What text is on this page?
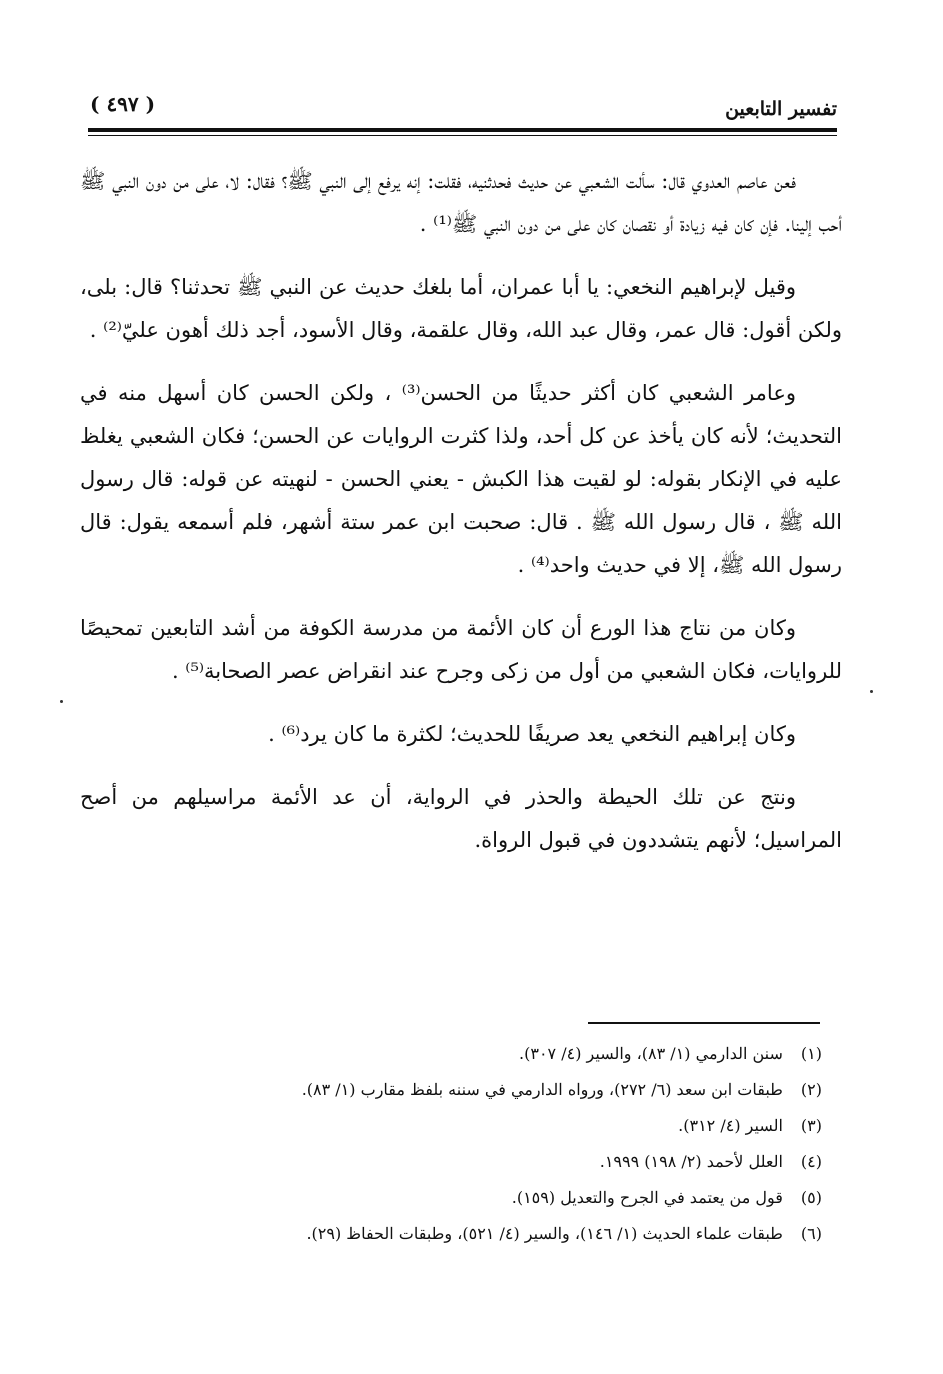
تفسير التابعين
( ٤٩٧ )

فعن عاصم العدوي قال: سألت الشعبي عن حديث فحدثنيه، فقلت: إنه يرفع إلى النبي ﷺ؟ فقال: لا، على من دون النبي ﷺ أحب إلينا. فإن كان فيه زيادة أو نقصان كان على من دون النبي ﷺ⁽¹⁾ .

وقيل لإبراهيم النخعي: يا أبا عمران، أما بلغك حديث عن النبي ﷺ تحدثنا؟ قال: بلى، ولكن أقول: قال عمر، وقال عبد الله، وقال علقمة، وقال الأسود، أجد ذلك أهون عليّ⁽²⁾ .

وعامر الشعبي كان أكثر حديثًا من الحسن⁽³⁾ ، ولكن الحسن كان أسهل منه في التحديث؛ لأنه كان يأخذ عن كل أحد، ولذا كثرت الروايات عن الحسن؛ فكان الشعبي يغلظ عليه في الإنكار بقوله: لو لقيت هذا الكبش - يعني الحسن - لنهيته عن قوله: قال رسول الله ﷺ ، قال رسول الله ﷺ . قال: صحبت ابن عمر ستة أشهر، فلم أسمعه يقول: قال رسول الله ﷺ، إلا في حديث واحد⁽⁴⁾ .

وكان من نتاج هذا الورع أن كان الأئمة من مدرسة الكوفة من أشد التابعين تمحيصًا للروايات، فكان الشعبي من أول من زكى وجرح عند انقراض عصر الصحابة⁽⁵⁾ .

وكان إبراهيم النخعي يعد صريفًا للحديث؛ لكثرة ما كان يرد⁽⁶⁾ .

ونتج عن تلك الحيطة والحذر في الرواية، أن عد الأئمة مراسيلهم من أصح المراسيل؛ لأنهم يتشددون في قبول الرواة.

(١) سنن الدارمي (١/ ٨٣)، والسير (٤/ ٣٠٧).
(٢) طبقات ابن سعد (٦/ ٢٧٢)، ورواه الدارمي في سننه بلفظ مقارب (١/ ٨٣).
(٣) السير (٤/ ٣١٢).
(٤) العلل لأحمد (٢/ ١٩٨) ١٩٩٩.
(٥) قول من يعتمد في الجرح والتعديل (١٥٩).
(٦) طبقات علماء الحديث (١/ ١٤٦)، والسير (٤/ ٥٢١)، وطبقات الحفاظ (٢٩).
